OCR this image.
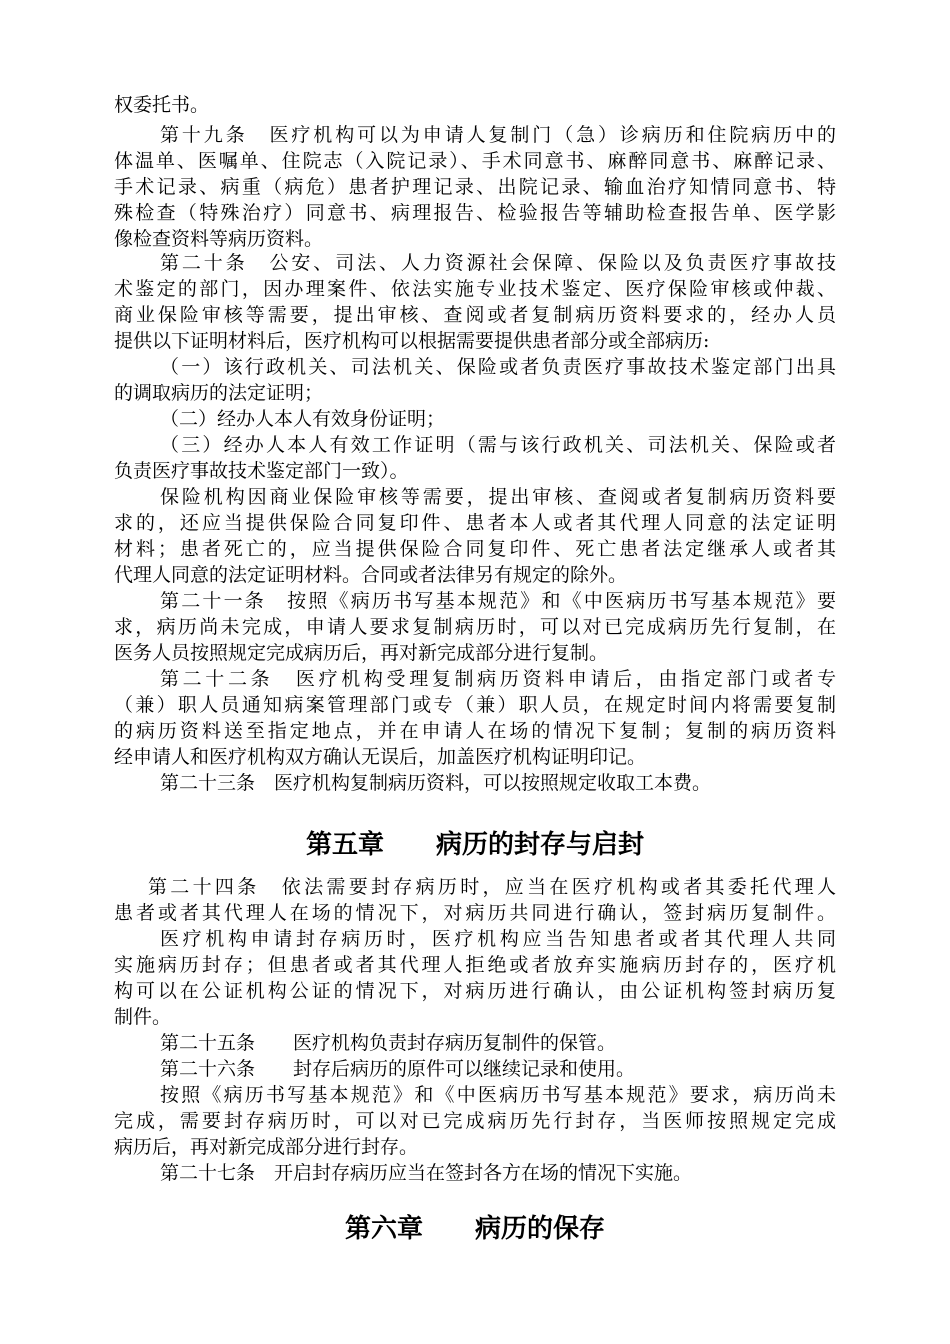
权委托书。
第十九条　医疗机构可以为申请人复制门（急）诊病历和住院病历中的
体温单、医嘱单、住院志（入院记录）、手术同意书、麻醉同意书、麻醉记录、
手术记录、病重（病危）患者护理记录、出院记录、输血治疗知情同意书、特
殊检查（特殊治疗）同意书、病理报告、检验报告等辅助检查报告单、医学影
像检查资料等病历资料。
第二十条　公安、司法、人力资源社会保障、保险以及负责医疗事故技
术鉴定的部门，因办理案件、依法实施专业技术鉴定、医疗保险审核或仲裁、
商业保险审核等需要，提出审核、查阅或者复制病历资料要求的，经办人员
提供以下证明材料后，医疗机构可以根据需要提供患者部分或全部病历:
（一）该行政机关、司法机关、保险或者负责医疗事故技术鉴定部门出具
的调取病历的法定证明；
（二）经办人本人有效身份证明；
（三）经办人本人有效工作证明（需与该行政机关、司法机关、保险或者
负责医疗事故技术鉴定部门一致）。
保险机构因商业保险审核等需要，提出审核、查阅或者复制病历资料要
求的，还应当提供保险合同复印件、患者本人或者其代理人同意的法定证明
材料；患者死亡的，应当提供保险合同复印件、死亡患者法定继承人或者其
代理人同意的法定证明材料。合同或者法律另有规定的除外。
第二十一条　按照《病历书写基本规范》和《中医病历书写基本规范》要
求，病历尚未完成，申请人要求复制病历时，可以对已完成病历先行复制，在
医务人员按照规定完成病历后，再对新完成部分进行复制。
第二十二条　医疗机构受理复制病历资料申请后，由指定部门或者专
（兼）职人员通知病案管理部门或专（兼）职人员，在规定时间内将需要复制
的病历资料送至指定地点，并在申请人在场的情况下复制；复制的病历资料
经申请人和医疗机构双方确认无误后，加盖医疗机构证明印记。
第二十三条　医疗机构复制病历资料，可以按照规定收取工本费。
第五章　　病历的封存与启封
第二十四条　依法需要封存病历时，应当在医疗机构或者其委托代理人
患者或者其代理人在场的情况下，对病历共同进行确认，签封病历复制件。
医疗机构申请封存病历时，医疗机构应当告知患者或者其代理人共同
实施病历封存；但患者或者其代理人拒绝或者放弃实施病历封存的，医疗机
构可以在公证机构公证的情况下，对病历进行确认，由公证机构签封病历复
制件。
第二十五条　　医疗机构负责封存病历复制件的保管。
第二十六条　　封存后病历的原件可以继续记录和使用。
按照《病历书写基本规范》和《中医病历书写基本规范》要求，病历尚未
完成，需要封存病历时，可以对已完成病历先行封存，当医师按照规定完成
病历后，再对新完成部分进行封存。
第二十七条　开启封存病历应当在签封各方在场的情况下实施。
第六章　　病历的保存
